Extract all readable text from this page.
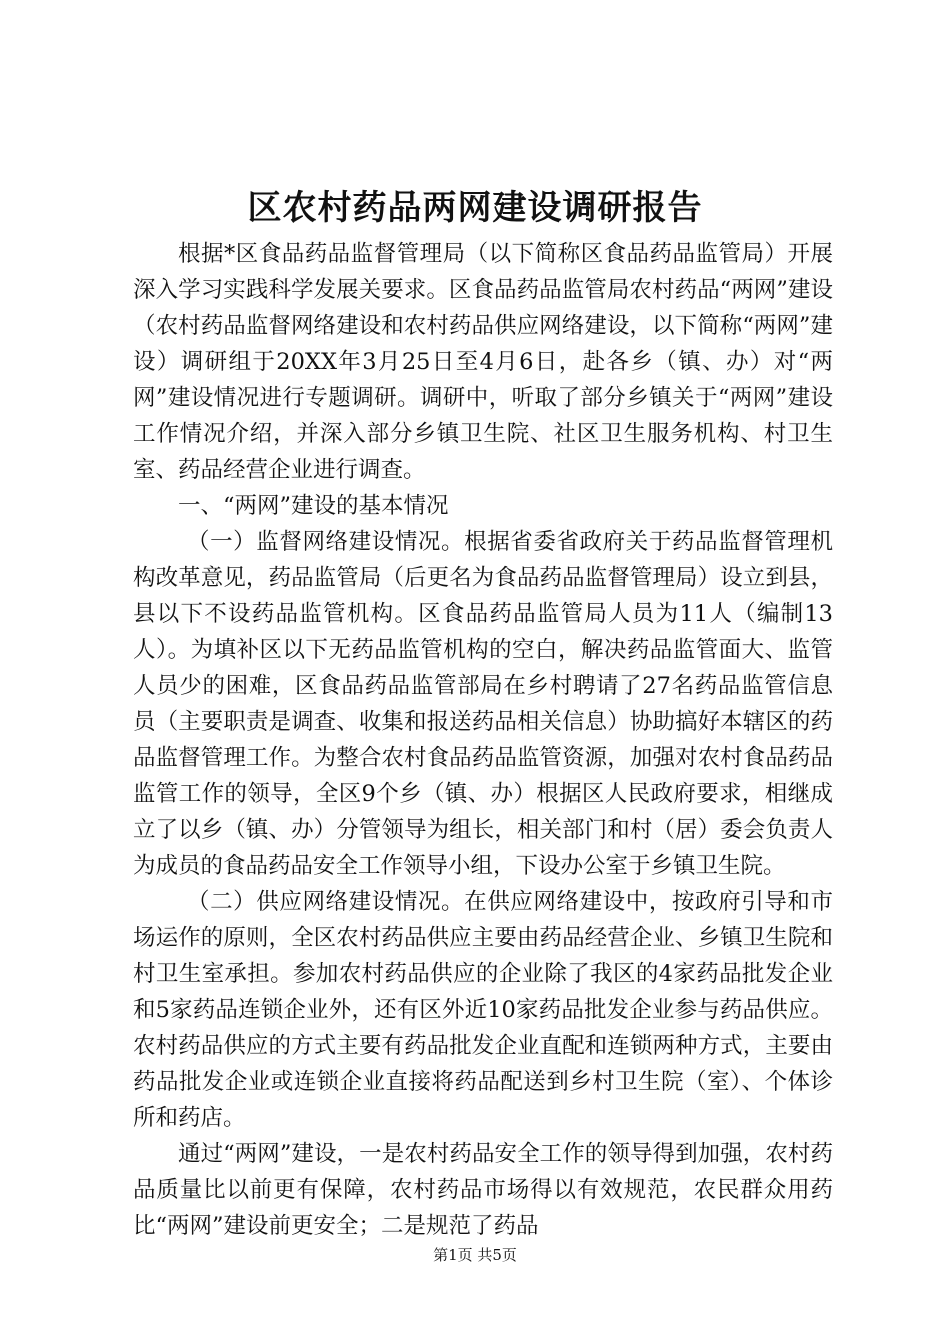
区农村药品两网建设调研报告

根据*区食品药品监督管理局（以下简称区食品药品监管局）开展深入学习实践科学发展关要求。区食品药品监管局农村药品“两网”建设（农村药品监督网络建设和农村药品供应网络建设，以下简称“两网”建设）调研组于20XX年3月25日至4月6日，赴各乡（镇、办）对“两网”建设情况进行专题调研。调研中，听取了部分乡镇关于“两网”建设工作情况介绍，并深入部分乡镇卫生院、社区卫生服务机构、村卫生室、药品经营企业进行调查。

一、“两网”建设的基本情况

（一）监督网络建设情况。根据省委省政府关于药品监督管理机构改革意见，药品监管局（后更名为食品药品监督管理局）设立到县，县以下不设药品监管机构。区食品药品监管局人员为11人（编制13人）。为填补区以下无药品监管机构的空白，解决药品监管面大、监管人员少的困难，区食品药品监管部局在乡村聘请了27名药品监管信息员（主要职责是调查、收集和报送药品相关信息）协助搞好本辖区的药品监督管理工作。为整合农村食品药品监管资源，加强对农村食品药品监管工作的领导，全区9个乡（镇、办）根据区人民政府要求，相继成立了以乡（镇、办）分管领导为组长，相关部门和村（居）委会负责人为成员的食品药品安全工作领导小组，下设办公室于乡镇卫生院。

（二）供应网络建设情况。在供应网络建设中，按政府引导和市场运作的原则，全区农村药品供应主要由药品经营企业、乡镇卫生院和村卫生室承担。参加农村药品供应的企业除了我区的4家药品批发企业和5家药品连锁企业外，还有区外近10家药品批发企业参与药品供应。农村药品供应的方式主要有药品批发企业直配和连锁两种方式，主要由药品批发企业或连锁企业直接将药品配送到乡村卫生院（室）、个体诊所和药店。

通过“两网”建设，一是农村药品安全工作的领导得到加强，农村药品质量比以前更有保障，农村药品市场得以有效规范，农民群众用药比“两网”建设前更安全；二是规范了药品

第1页 共5页
